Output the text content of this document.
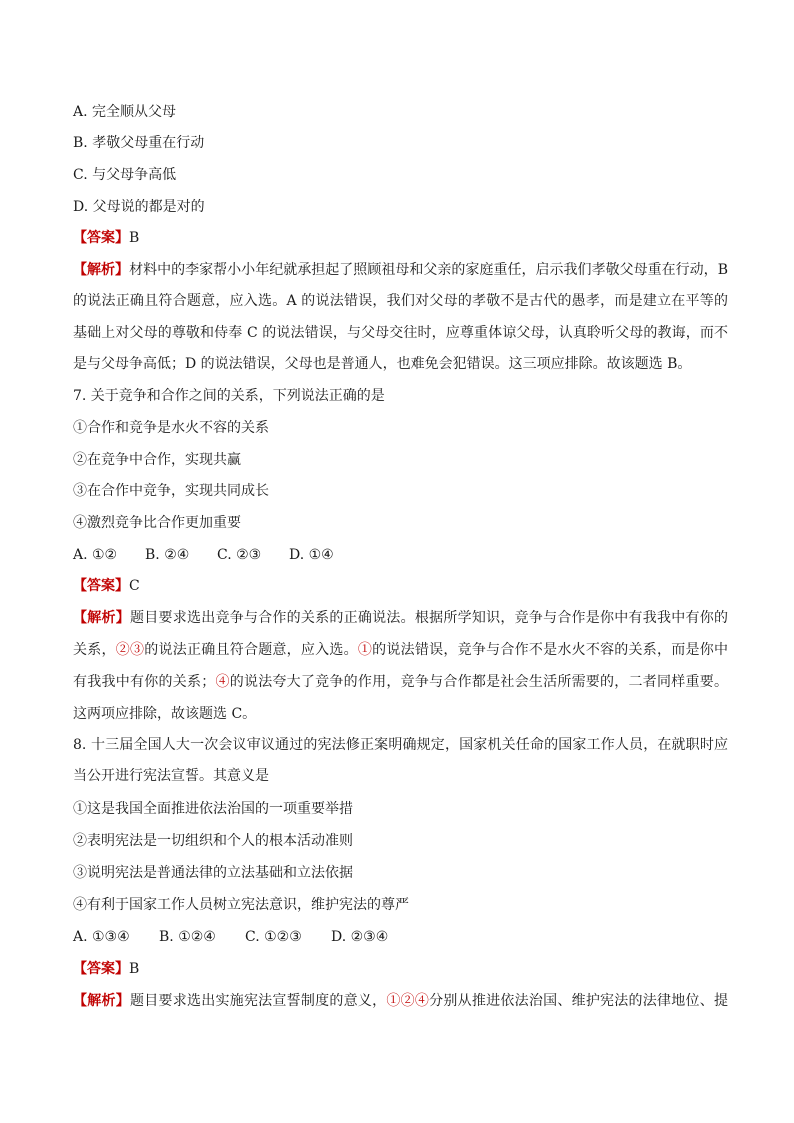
A. 完全顺从父母
B. 孝敬父母重在行动
C. 与父母争高低
D. 父母说的都是对的
【答案】B
【解析】材料中的李家帮小小年纪就承担起了照顾祖母和父亲的家庭重任，启示我们孝敬父母重在行动，B
的说法正确且符合题意，应入选。A 的说法错误，我们对父母的孝敬不是古代的愚孝，而是建立在平等的
基础上对父母的尊敬和侍奉 C 的说法错误，与父母交往时，应尊重体谅父母，认真聆听父母的教诲，而不
是与父母争高低；D 的说法错误，父母也是普通人，也难免会犯错误。这三项应排除。故该题选 B。
7. 关于竞争和合作之间的关系，下列说法正确的是
①合作和竞争是水火不容的关系
②在竞争中合作，实现共赢
③在合作中竞争，实现共同成长
④激烈竞争比合作更加重要
A. ①② B. ②④ C. ②③ D. ①④
【答案】C
【解析】题目要求选出竞争与合作的关系的正确说法。根据所学知识，竞争与合作是你中有我我中有你的
关系，②③的说法正确且符合题意，应入选。①的说法错误，竞争与合作不是水火不容的关系，而是你中
有我我中有你的关系；④的说法夸大了竞争的作用，竞争与合作都是社会生活所需要的，二者同样重要。
这两项应排除，故该题选 C。
8. 十三届全国人大一次会议审议通过的宪法修正案明确规定，国家机关任命的国家工作人员，在就职时应
当公开进行宪法宣誓。其意义是
①这是我国全面推进依法治国的一项重要举措
②表明宪法是一切组织和个人的根本活动准则
③说明宪法是普通法律的立法基础和立法依据
④有利于国家工作人员树立宪法意识，维护宪法的尊严
A. ①③④ B. ①②④ C. ①②③ D. ②③④
【答案】B
【解析】题目要求选出实施宪法宣誓制度的意义，①②④分别从推进依法治国、维护宪法的法律地位、提
